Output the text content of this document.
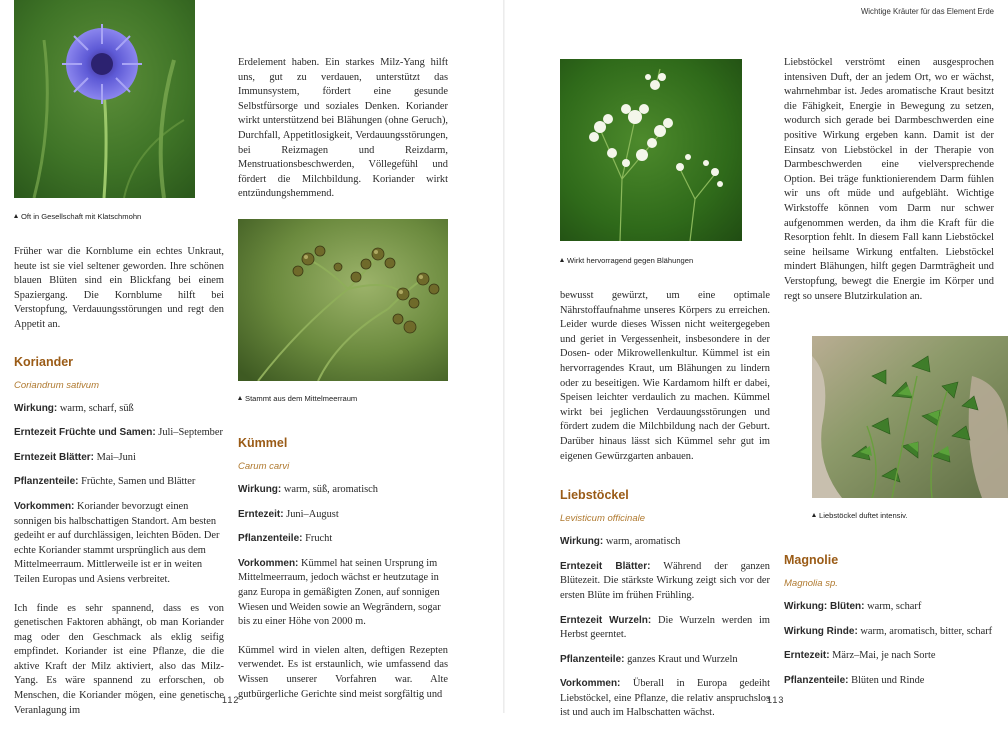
Wichtige Kräuter für das Element Erde
Oft in Gesellschaft mit Klatschmohn

Früher war die Kornblume ein echtes Unkraut, heute ist sie viel seltener geworden. Ihre schönen blauen Blüten sind ein Blickfang bei einem Spaziergang. Die Kornblume hilft bei Verstopfung, Verdauungsstörungen und regt den Appetit an.

Koriander

Coriandrum sativum

Wirkung: warm, scharf, süß

Erntezeit Früchte und Samen: Juli–September

Erntezeit Blätter: Mai–Juni

Pflanzenteile: Früchte, Samen und Blätter

Vorkommen: Koriander bevorzugt einen sonnigen bis halbschattigen Standort. Am besten gedeiht er auf durchlässigen, leichten Böden. Der echte Koriander stammt ursprünglich aus dem Mittelmeerraum. Mittlerweile ist er in weiten Teilen Europas und Asiens verbreitet.

Ich finde es sehr spannend, dass es von genetischen Faktoren abhängt, ob man Koriander mag oder den Geschmack als eklig seifig empfindet. Koriander ist eine Pflanze, die die aktive Kraft der Milz aktiviert, also das Milz-Yang. Es wäre spannend zu erforschen, ob Menschen, die Koriander mögen, eine genetische Veranlagung im

Erdelement haben. Ein starkes Milz-Yang hilft uns, gut zu verdauen, unterstützt das Immunsystem, fördert eine gesunde Selbstfürsorge und soziales Denken. Koriander wirkt unterstützend bei Blähungen (ohne Geruch), Durchfall, Appetitlosigkeit, Verdauungsstörungen, bei Reizmagen und Reizdarm, Menstruationsbeschwerden, Völlegefühl und fördert die Milchbildung. Koriander wirkt entzündungshemmend.

Stammt aus dem Mittelmeerraum

Kümmel

Carum carvi

Wirkung: warm, süß, aromatisch

Erntezeit: Juni–August

Pflanzenteile: Frucht

Vorkommen: Kümmel hat seinen Ursprung im Mittelmeerraum, jedoch wächst er heutzutage in ganz Europa in gemäßigten Zonen, auf sonnigen Wiesen und Weiden sowie an Wegrändern, sogar bis zu einer Höhe von 2000 m.

Kümmel wird in vielen alten, deftigen Rezepten verwendet. Es ist erstaunlich, wie umfassend das Wissen unserer Vorfahren war. Alte gutbürgerliche Gerichte sind meist sorgfältig und

112
Wirkt hervorragend gegen Blähungen

bewusst gewürzt, um eine optimale Nährstoffaufnahme unseres Körpers zu erreichen. Leider wurde dieses Wissen nicht weitergegeben und geriet in Vergessenheit, insbesondere in der Dosen- oder Mikrowellenkultur. Kümmel ist ein hervorragendes Kraut, um Blähungen zu lindern oder zu beseitigen. Wie Kardamom hilft er dabei, Speisen leichter verdaulich zu machen. Kümmel wirkt bei jeglichen Verdauungsstörungen und fördert zudem die Milchbildung nach der Geburt. Darüber hinaus lässt sich Kümmel sehr gut im eigenen Gewürzgarten anbauen.

Liebstöckel

Levisticum officinale

Wirkung: warm, aromatisch

Erntezeit Blätter: Während der ganzen Blütezeit. Die stärkste Wirkung zeigt sich vor der ersten Blüte im frühen Frühling.

Erntezeit Wurzeln: Die Wurzeln werden im Herbst geerntet.

Pflanzenteile: ganzes Kraut und Wurzeln

Vorkommen: Überall in Europa gedeiht Liebstöckel, eine Pflanze, die relativ anspruchslos ist und auch im Halbschatten wächst.

Liebstöckel verströmt einen ausgesprochen intensiven Duft, der an jedem Ort, wo er wächst, wahrnehmbar ist. Jedes aromatische Kraut besitzt die Fähigkeit, Energie in Bewegung zu setzen, wodurch sich gerade bei Darmbeschwerden eine positive Wirkung ergeben kann. Damit ist der Einsatz von Liebstöckel in der Therapie von Darmbeschwerden eine vielversprechende Option. Bei träge funktionierendem Darm fühlen wir uns oft müde und aufgebläht. Wichtige Wirkstoffe können vom Darm nur schwer aufgenommen werden, da ihm die Kraft für die Resorption fehlt. In diesem Fall kann Liebstöckel seine heilsame Wirkung entfalten. Liebstöckel mindert Blähungen, hilft gegen Darmträgheit und Verstopfung, bewegt die Energie im Körper und regt so unsere Blutzirkulation an.

Liebstöckel duftet intensiv.

Magnolie

Magnolia sp.

Wirkung: Blüten: warm, scharf

Wirkung Rinde: warm, aromatisch, bitter, scharf

Erntezeit: März–Mai, je nach Sorte

Pflanzenteile: Blüten und Rinde

113
